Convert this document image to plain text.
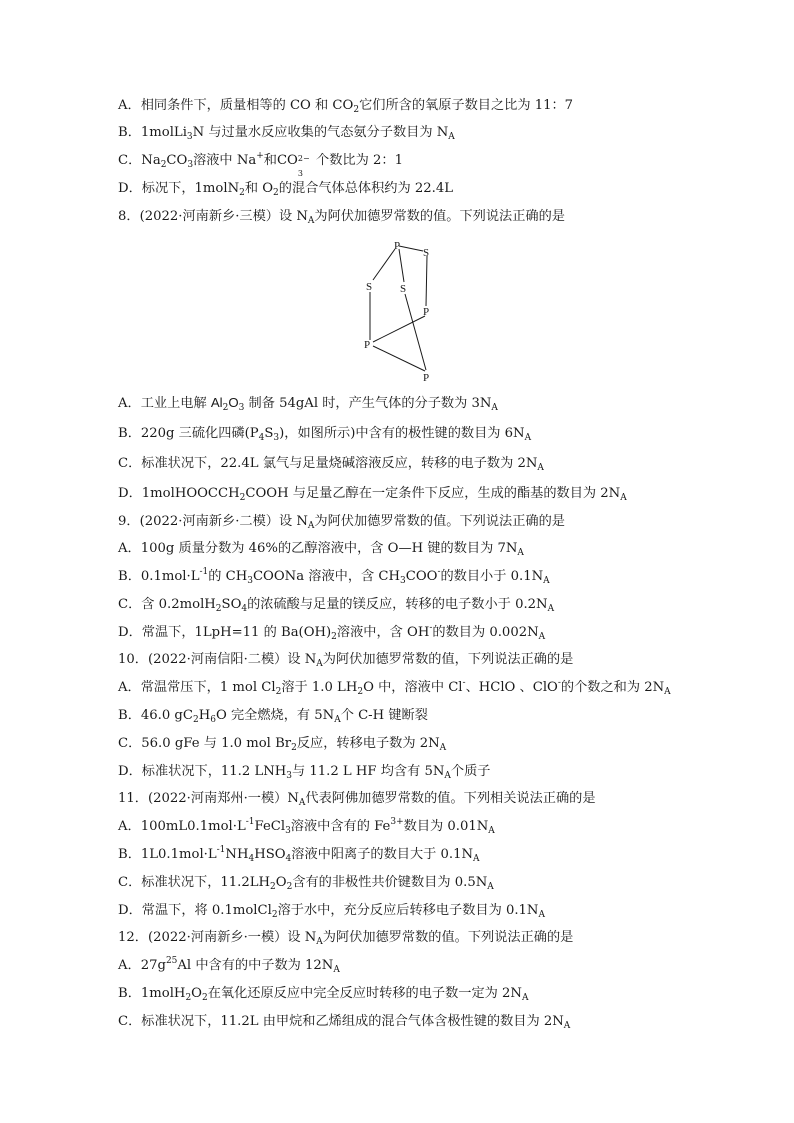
A．相同条件下，质量相等的 CO 和 $CO_2$它们所含的氧原子数目之比为 11：7
B．1molLi$_3$N 与过量水反应收集的气态氨分子数目为 $N_A$
C．$Na_2CO_3$溶液中 Na+和CO 2−
3
个数比为 2：1
D．标况下，1molN$_2$和 $O_2$的混合气体总体积约为 22.4L
8．(2022·河南新乡·三模）设 $N_A$为阿伏加德罗常数的值。下列说法正确的是
P
S
S	S
P
P
P
A．工业上电解 $Al_2O_3$ 制备 54gAl 时，产生气体的分子数为 $3N_A$
B．220g 三硫化四磷$(P_4S_3)$，如图所示)中含有的极性键的数目为 $6N_A$
C．标准状况下，22.4L 氯气与足量烧碱溶液反应，转移的电子数为 $2N_A$
D．1molHOOCCH$_2$COOH 与足量乙醇在一定条件下反应，生成的酯基的数目为 $2N_A$
9．(2022·河南新乡·二模）设 $N_A$为阿伏加德罗常数的值。下列说法正确的是
A．100g 质量分数为 46%的乙醇溶液中，含 O—H 键的数目为 $7N_A$
B．$0.1mol\cdot L^{-1}$的 $CH_3COONa$ 溶液中，含 $CH_3COO^-$的数目小于 $0.1N_A$
C．含 $0.2molH_2SO_4$的浓硫酸与足量的镁反应，转移的电子数小于 $0.2N_A$
D．常温下，1LpH=11 的 $Ba(OH)_2$溶液中，含 OH-的数目为 $0.002N_A$
10．(2022·河南信阳·二模）设 $N_A$为阿伏加德罗常数的值，下列说法正确的是
A．常温常压下，1 mol $Cl_2$溶于 1.0 $LH_2O$ 中，溶液中 Cl-、HClO 、ClO-的个数之和为 $2N_A$
B．46.0 $gC_2H_6O$ 完全燃烧，有 $5N_A$个 C-H 键断裂
C．56.0 gFe 与 1.0 mol $Br_2$反应，转移电子数为 $2N_A$
D．标准状况下，11.2 $LNH_3$与 11.2 L HF 均含有 $5N_A$个质子
11．(2022·河南郑州·一模）$N_A$代表阿佛加德罗常数的值。下列相关说法正确的是
A．$100mL0.1mol\cdot L^{-1}FeCl_3$溶液中含有的 $Fe^{3+}$数目为 $0.01N_A$
B．$1L0.1mol\cdot L^{-1}NH_4HSO_4$溶液中阳离子的数目大于 $0.1N_A$
C．标准状况下，$11.2LH_2O_2$含有的非极性共价键数目为 $0.5N_A$
D．常温下，将 0.1molCl$_2$溶于水中，充分反应后转移电子数目为 $0.1N_A$
12．(2022·河南新乡·一模）设 $N_A$为阿伏加德罗常数的值。下列说法正确的是
A．$27g^{25}Al$ 中含有的中子数为 $12N_A$
B．$1molH_2O_2$在氧化还原反应中完全反应时转移的电子数一定为 $2N_A$
C．标准状况下，11.2L 由甲烷和乙烯组成的混合气体含极性键的数目为 $2N_A$
